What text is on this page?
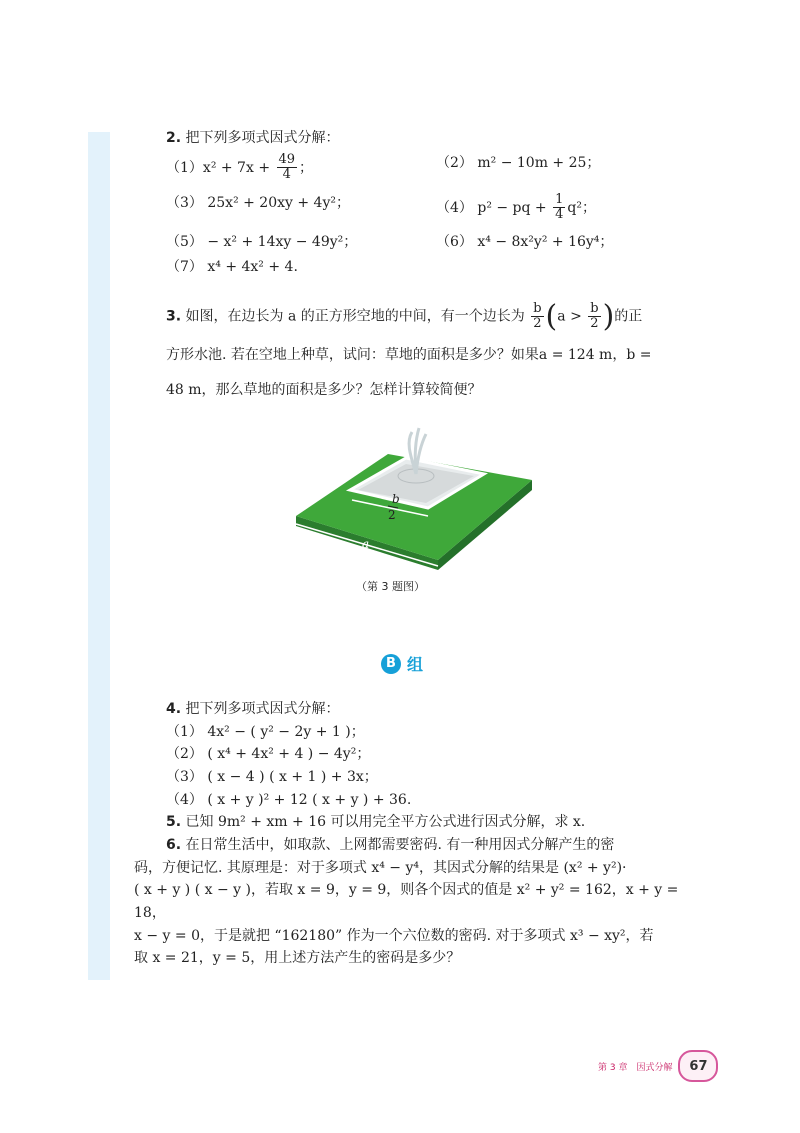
2. 把下列多项式因式分解：

$(1)x^2 + 7x + \frac{49}{4}$ ；	（2） m² − 10m + 25；
（3） 25x² + 20xy + 4y²；	（4） p² − pq + $\frac{1}{4} q^2$；
（5） − x² + 14xy − 49y²；	（6） x⁴ − 8x²y² + 16y⁴；
（7） x⁴ + 4x² + 4.

3. 如图，在边长为 a 的正方形空地的中间，有一个边长为 $\frac{b}{2} (a > \frac{b}{2}$ )的正

方形水池. 若在空地上种草，试问：草地的面积是多少？如果a = 124 m，b =

48 m，那么草地的面积是多少？怎样计算较简便？

b
2
a
（第 3 题图）
B 组

4. 把下列多项式因式分解：

（1） 4x² − ( y² − 2y + 1 )；

（2） ( x⁴ + 4x² + 4 ) − 4y²；

（3） ( x − 4 ) ( x + 1 ) + 3x；

（4） ( x + y )² + 12 ( x + y ) + 36.

5. 已知 9m² + xm + 16 可以用完全平方公式进行因式分解，求 x.

6. 在日常生活中，如取款、上网都需要密码. 有一种用因式分解产生的密

码，方便记忆. 其原理是：对于多项式 x⁴ − y⁴，其因式分解的结果是 (x² + y²)·

( x + y ) ( x − y )，若取 x = 9，y = 9，则各个因式的值是 x² + y² = 162，x + y = 18，

x − y = 0，于是就把 “162180” 作为一个六位数的密码. 对于多项式 x³ − xy²，若

取 x = 21，y = 5，用上述方法产生的密码是多少？

第 3 章　因式分解	67
